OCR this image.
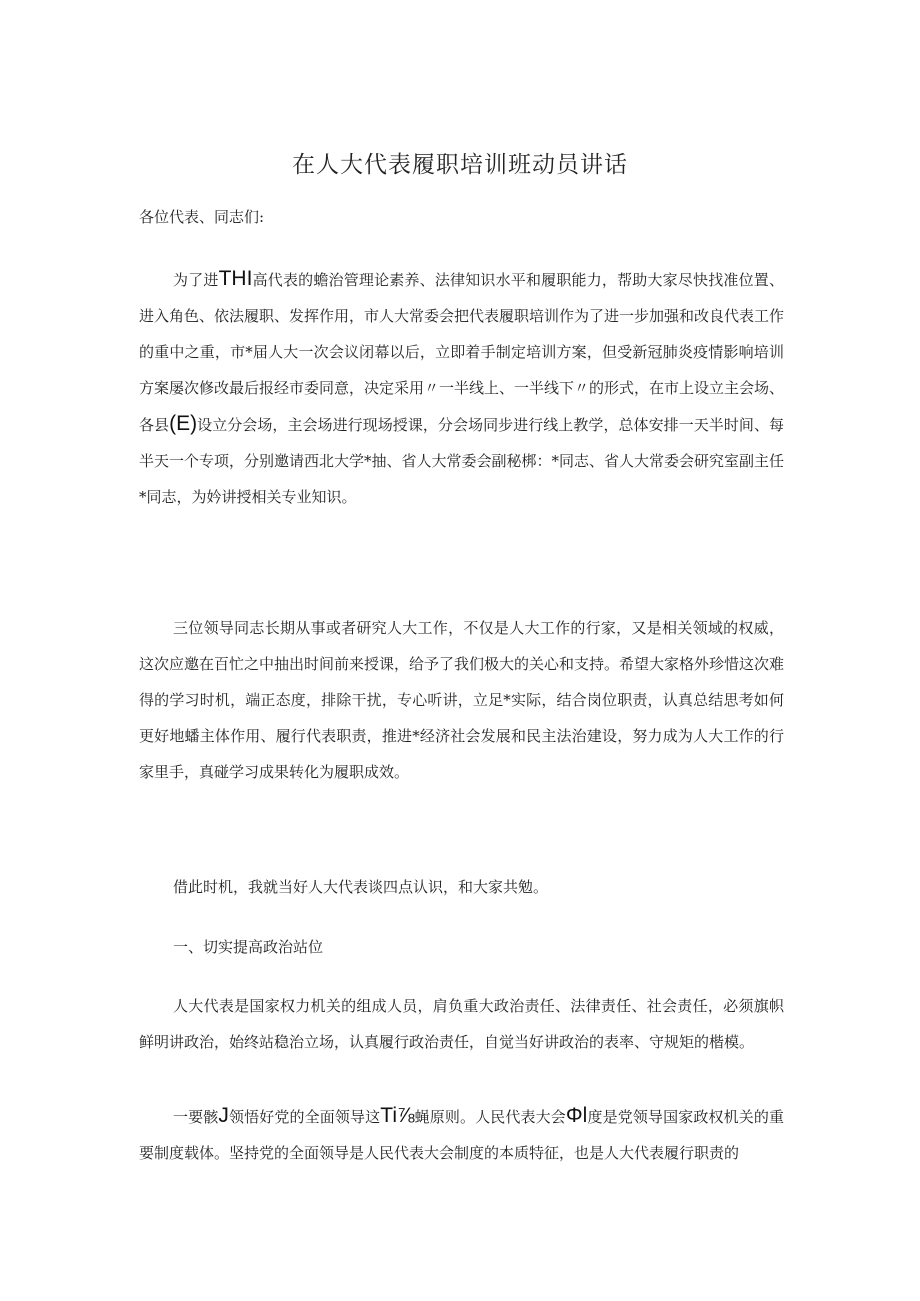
在人大代表履职培训班动员讲话
各位代表、同志们:

为了进THI高代表的蟾治管理论素养、法律知识水平和履职能力，帮助大家尽快找准位置、进入角色、依法履职、发挥作用，市人大常委会把代表履职培训作为了进一步加强和改良代表工作的重中之重，市*届人大一次会议闭幕以后，立即着手制定培训方案，但受新冠肺炎疫情影响培训方案屡次修改最后报经市委同意，决定采用〃一半线上、一半线下〃的形式，在市上设立主会场、各县(E)设立分会场，主会场进行现场授课，分会场同步进行线上教学，总体安排一天半时间、每半天一个专项，分别邀请西北大学*抽、省人大常委会副秘梆：*同志、省人大常委会研究室副主任*同志，为妗讲授相关专业知识。

三位领导同志长期从事或者研究人大工作，不仅是人大工作的行家，又是相关领域的权威，这次应邀在百忙之中抽出时间前来授课，给予了我们极大的关心和支持。希望大家格外珍惜这次难得的学习时机，端正态度，排除干扰，专心听讲，立足*实际，结合岗位职责，认真总结思考如何更好地蟠主体作用、履行代表职责，推进*经济社会发展和民主法治建设，努力成为人大工作的行家里手，真碰学习成果转化为履职成效。

借此时机，我就当好人大代表谈四点认识，和大家共勉。

一、切实提高政治站位

人大代表是国家权力机关的组成人员，肩负重大政治责任、法律责任、社会责任，必须旗帜鲜明讲政治，始终站稳治立场，认真履行政治责任，自觉当好讲政治的表率、守规矩的楷模。

一要骸J领悟好党的全面领导这Ti⅞蝇原则。人民代表大会Φl度是党领导国家政权机关的重要制度载体。坚持党的全面领导是人民代表大会制度的本质特征，也是人大代表履行职责的
